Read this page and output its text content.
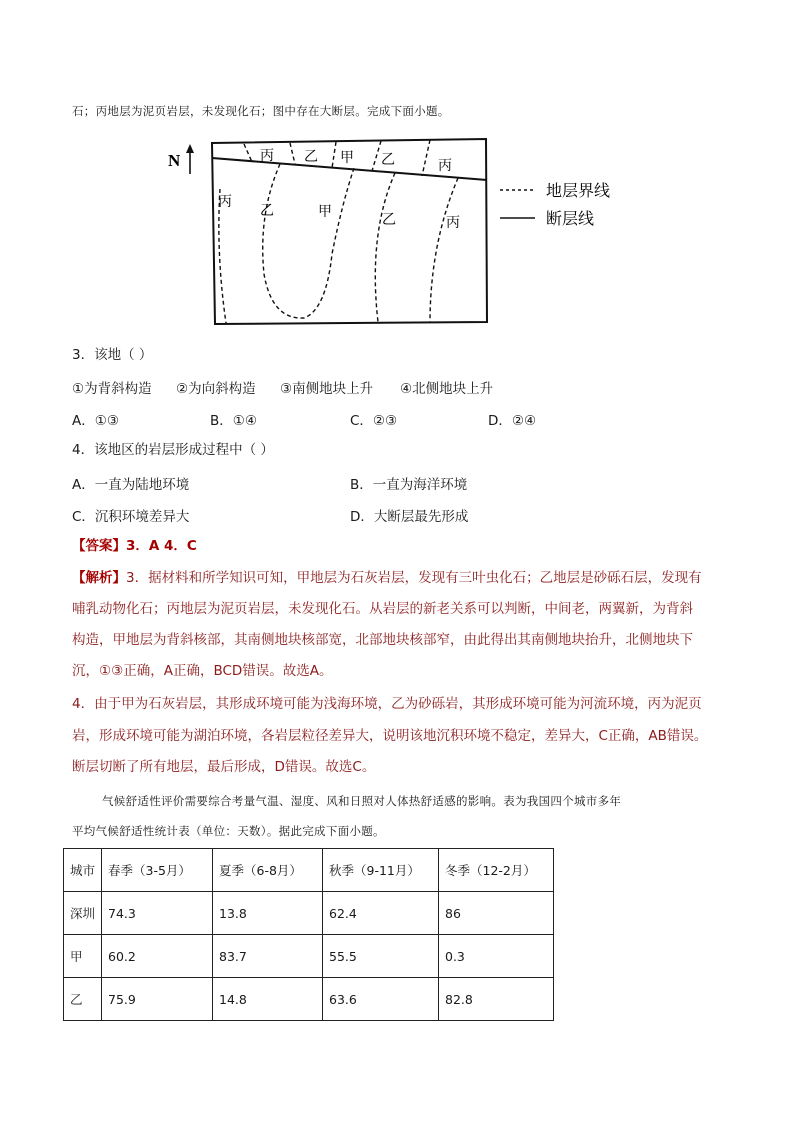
石；丙地层为泥页岩层，未发现化石；图中存在大断层。完成下面小题。
N	丙 乙 甲 乙	丙
丙
乙	甲
乙	丙
地层界线
断层线
3．该地（ ）
①为背斜构造 ②为向斜构造 ③南侧地块上升 ④北侧地块上升
A．①③	B．①④	C．②③	D．②④
4．该地区的岩层形成过程中（ ）
A．一直为陆地环境	B．一直为海洋环境
C．沉积环境差异大	D．大断层最先形成
【答案】3．A 4．C
【解析】3．据材料和所学知识可知，甲地层为石灰岩层，发现有三叶虫化石；乙地层是砂砾石层，发现有
哺乳动物化石；丙地层为泥页岩层，未发现化石。从岩层的新老关系可以判断，中间老，两翼新，为背斜
构造，甲地层为背斜核部，其南侧地块核部宽，北部地块核部窄，由此得出其南侧地块抬升，北侧地块下
沉，①③正确，A正确，BCD错误。故选A。
4．由于甲为石灰岩层，其形成环境可能为浅海环境，乙为砂砾岩，其形成环境可能为河流环境，丙为泥页
岩，形成环境可能为湖泊环境，各岩层粒径差异大，说明该地沉积环境不稳定，差异大，C正确，AB错误。
断层切断了所有地层，最后形成，D错误。故选C。
气候舒适性评价需要综合考量气温、湿度、风和日照对人体热舒适感的影响。表为我国四个城市多年
平均气候舒适性统计表（单位：天数）。据此完成下面小题。
城市	春季（3-5月）	夏季（6-8月）	秋季（9-11月）	冬季（12-2月）
深圳	74.3	13.8	62.4	86
甲	60.2	83.7	55.5	0.3
乙	75.9	14.8	63.6	82.8
